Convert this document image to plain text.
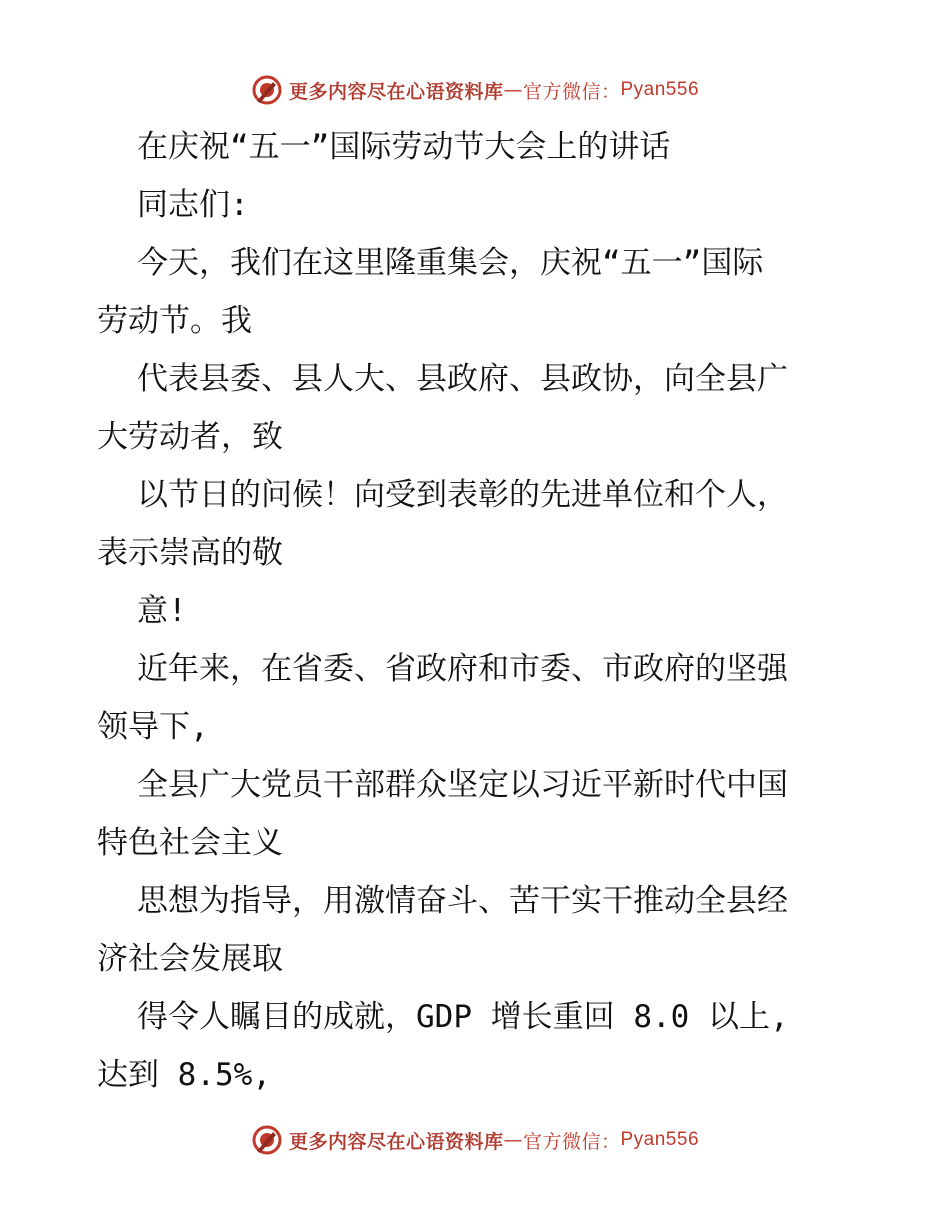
更多内容尽在心语资料库 — 官方微信： Pyan556
在庆祝“五一”国际劳动节大会上的讲话
同志们:
今天，我们在这里隆重集会，庆祝“五一”国际
劳动节。我
代表县委、县人大、县政府、县政协，向全县广
大劳动者，致
以节日的问候！向受到表彰的先进单位和个人，
表示崇高的敬
意!
近年来，在省委、省政府和市委、市政府的坚强
领导下,
全县广大党员干部群众坚定以习近平新时代中国
特色社会主义
思想为指导，用激情奋斗、苦干实干推动全县经
济社会发展取
得令人瞩目的成就，GDP 增长重回 8.0 以上,
达到 8.5%,
更多内容尽在心语资料库 — 官方微信： Pyan556
